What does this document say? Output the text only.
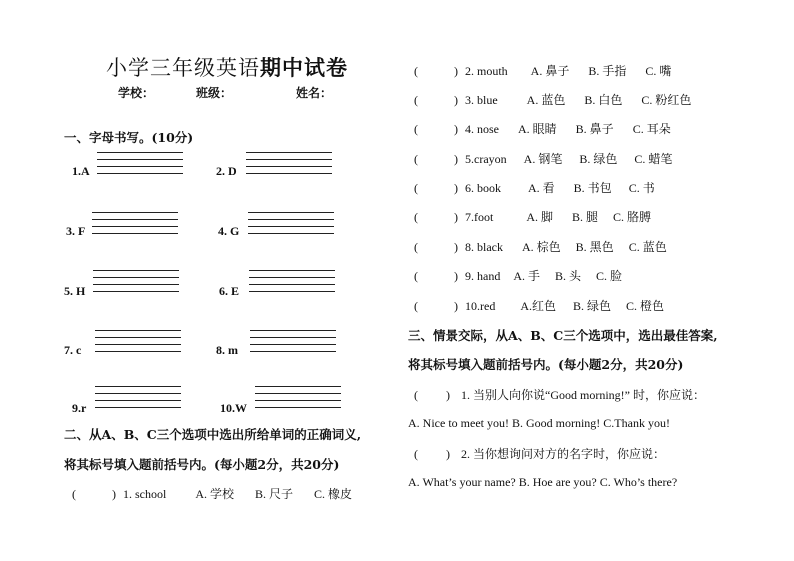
小学三年级英语期中试卷
学校：	班级：	姓名：
一、字母书写。(10分)
1.A	2. D
3. F	4. G
5. H	6. E
7. c	8. m
9.r	10.W
二、从A、B、C三个选项中选出所给单词的正确词义,
将其标号填入题前括号内。(每小题2分，共20分)
(	) 1. school A. 学校 B. 尺子 C. 橡皮
(	) 2. mouth A. 鼻子 B. 手指 C. 嘴
(	) 3. blue A. 蓝色 B. 白色 C. 粉红色
(	) 4. nose A. 眼睛 B. 鼻子 C. 耳朵
(	) 5.crayon A. 钢笔 B. 绿色 C. 蜡笔
(	) 6. book A. 看 B. 书包 C. 书
(	) 7.foot	A. 脚 B. 腿 C. 胳膊
(	) 8. black A. 棕色 B. 黑色 C. 蓝色
(	) 9. hand A. 手 B. 头 C. 脸
(	) 10.red A.红色 B. 绿色 C. 橙色
三、情景交际，从A、B、C三个选项中，选出最佳答案,
将其标号填入题前括号内。(每小题2分，共20分)
( ) 1. 当别人向你说“Good morning!” 时，你应说：
A. Nice to meet you! B. Good morning! C.Thank you!
( ) 2. 当你想询问对方的名字时，你应说：
A. What’s your name? B. Hoe are you? C. Who’s there?
